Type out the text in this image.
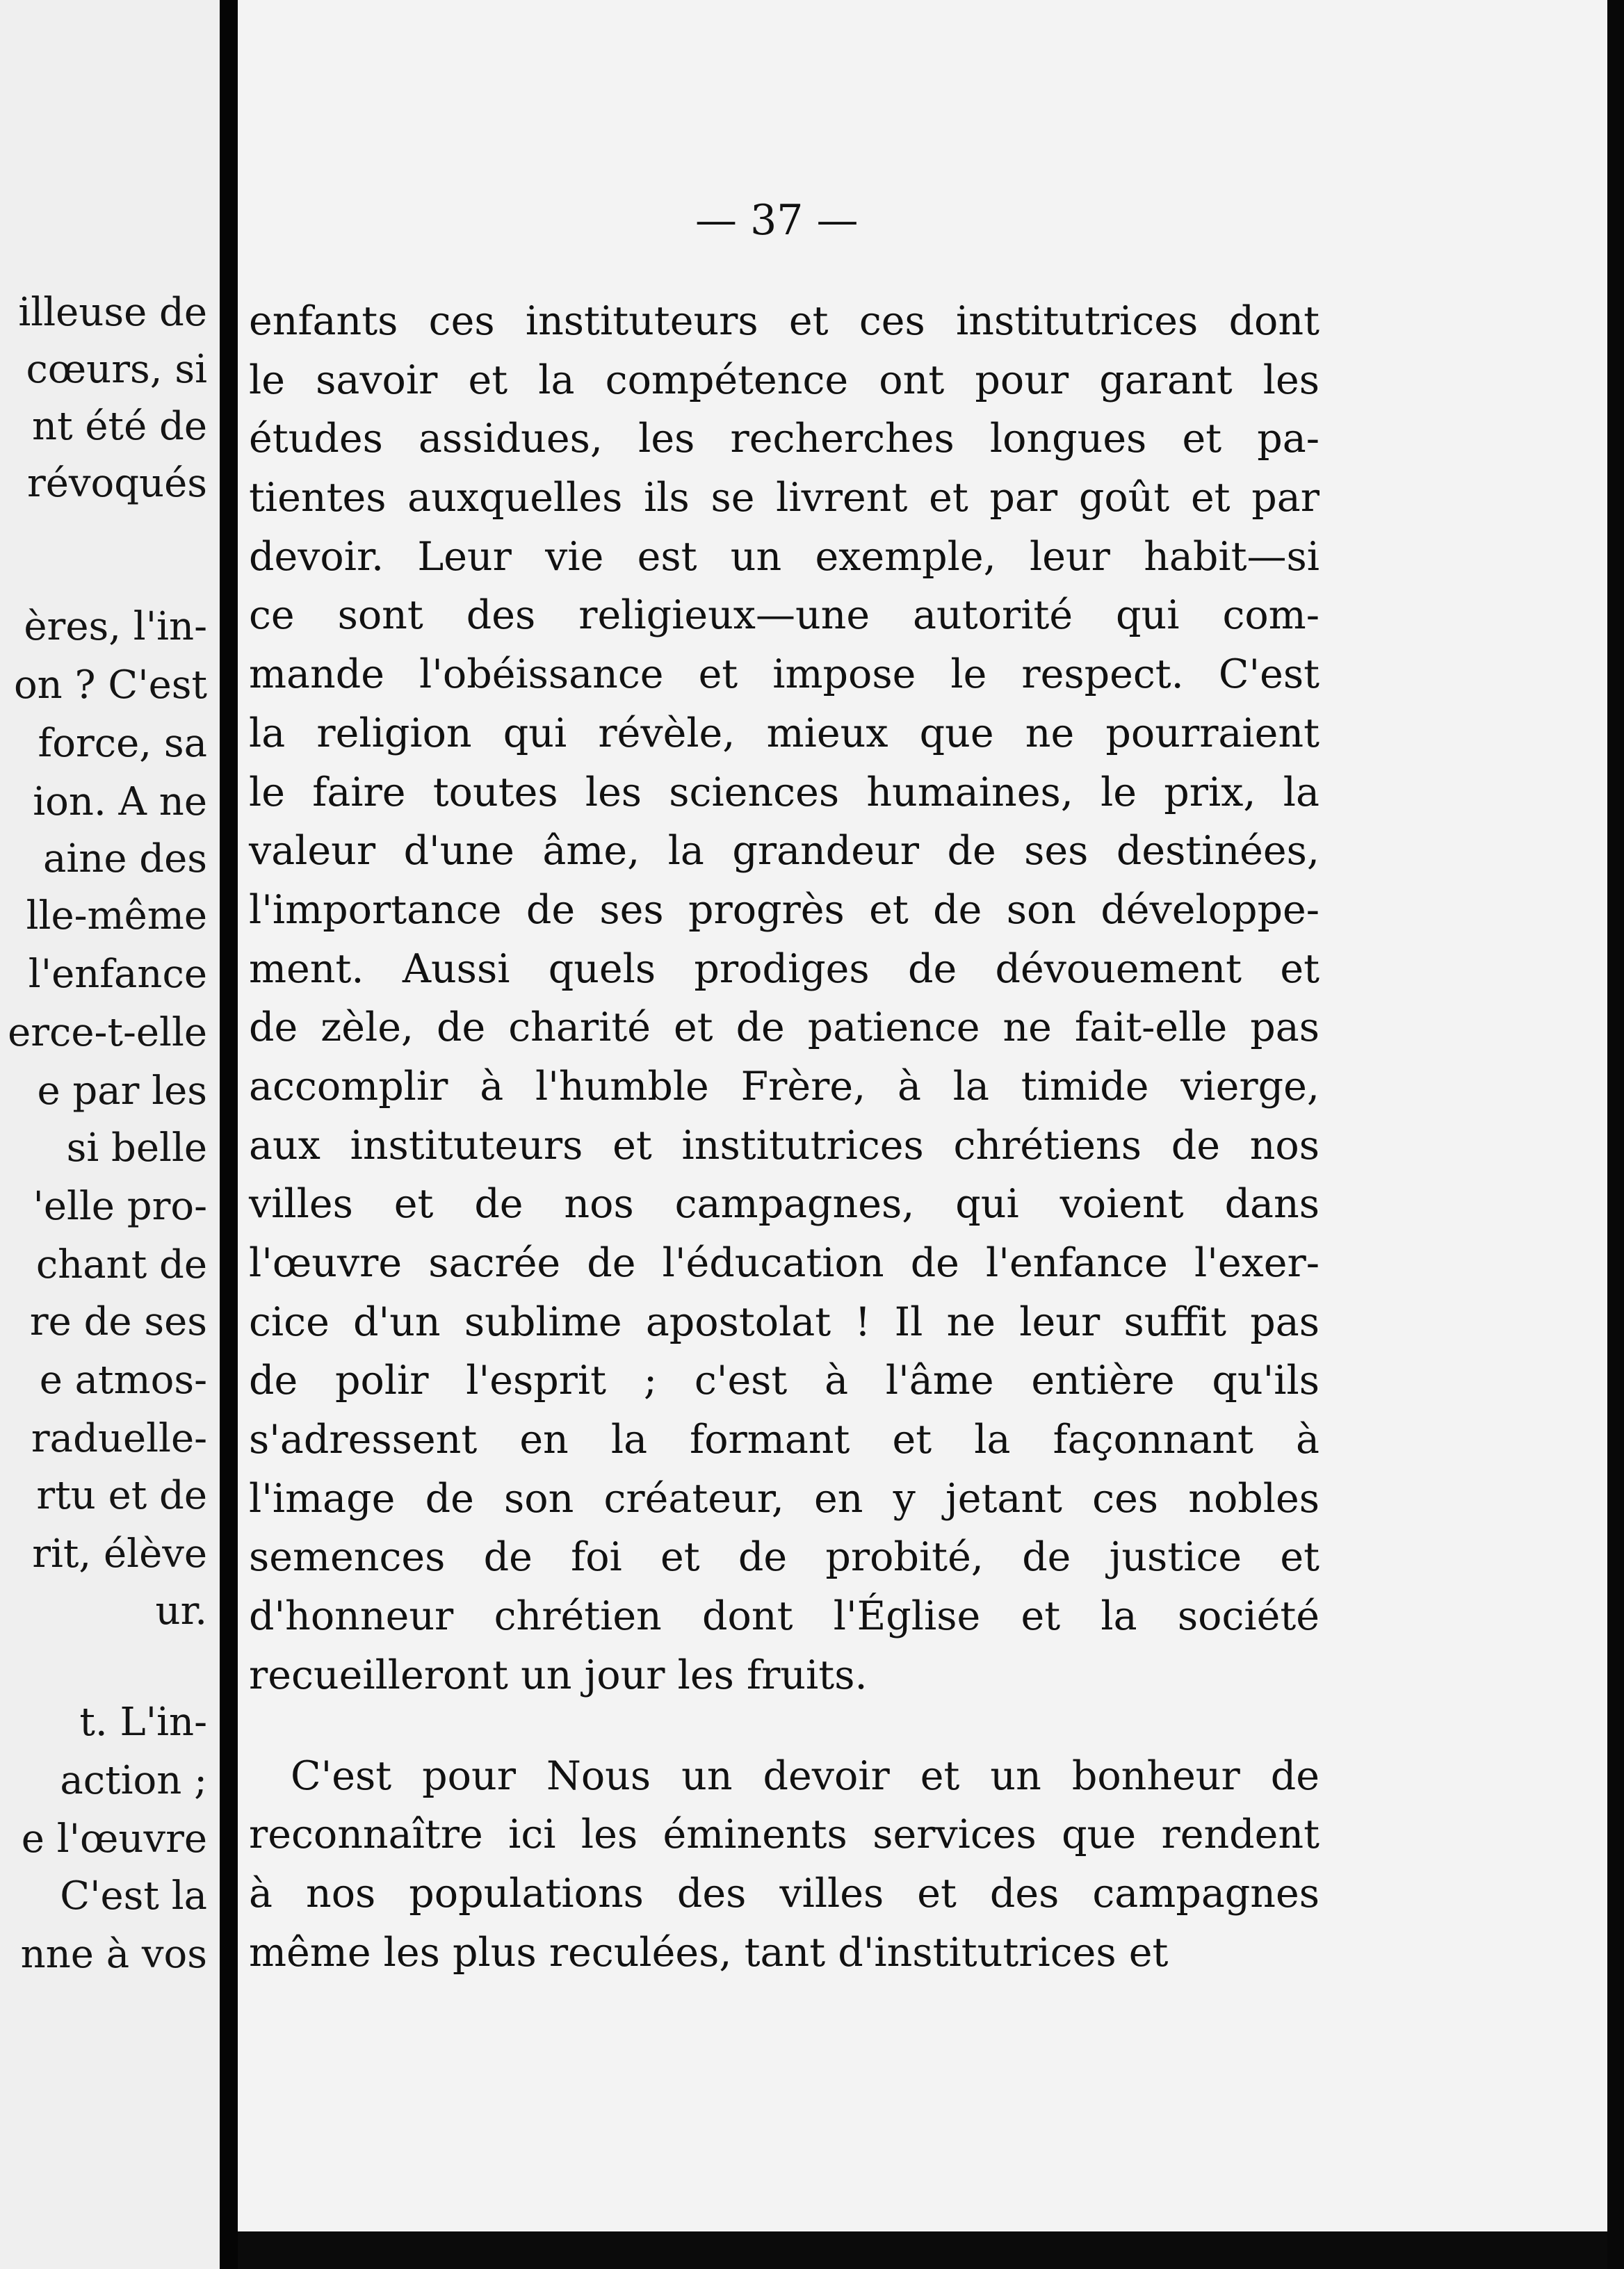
illeuse de
cœurs, si
nt été de
révoqués
ères, l'in-
on ? C'est
force, sa
ion. A ne
aine des
lle-même
l'enfance
erce-t-elle
e par les
si belle
'elle pro-
chant de
re de ses
e atmos-
raduelle-
rtu et de
rit, élève
ur.
t. L'in-
action ;
e l'œuvre
C'est la
nne à vos
— 37 —
enfants ces instituteurs et ces institutrices dont
le savoir et la compétence ont pour garant les
études assidues, les recherches longues et pa-
tientes auxquelles ils se livrent et par goût et par
devoir. Leur vie est un exemple, leur habit—si
ce sont des religieux—une autorité qui com-
mande l'obéissance et impose le respect. C'est
la religion qui révèle, mieux que ne pourraient
le faire toutes les sciences humaines, le prix, la
valeur d'une âme, la grandeur de ses destinées,
l'importance de ses progrès et de son développe-
ment. Aussi quels prodiges de dévouement et
de zèle, de charité et de patience ne fait-elle pas
accomplir à l'humble Frère, à la timide vierge,
aux instituteurs et institutrices chrétiens de nos
villes et de nos campagnes, qui voient dans
l'œuvre sacrée de l'éducation de l'enfance l'exer-
cice d'un sublime apostolat ! Il ne leur suffit pas
de polir l'esprit ; c'est à l'âme entière qu'ils
s'adressent en la formant et la façonnant à
l'image de son créateur, en y jetant ces nobles
semences de foi et de probité, de justice et
d'honneur chrétien dont l'Église et la société
recueilleront un jour les fruits.
C'est pour Nous un devoir et un bonheur de
reconnaître ici les éminents services que rendent
à nos populations des villes et des campagnes
même les plus reculées, tant d'institutrices et
